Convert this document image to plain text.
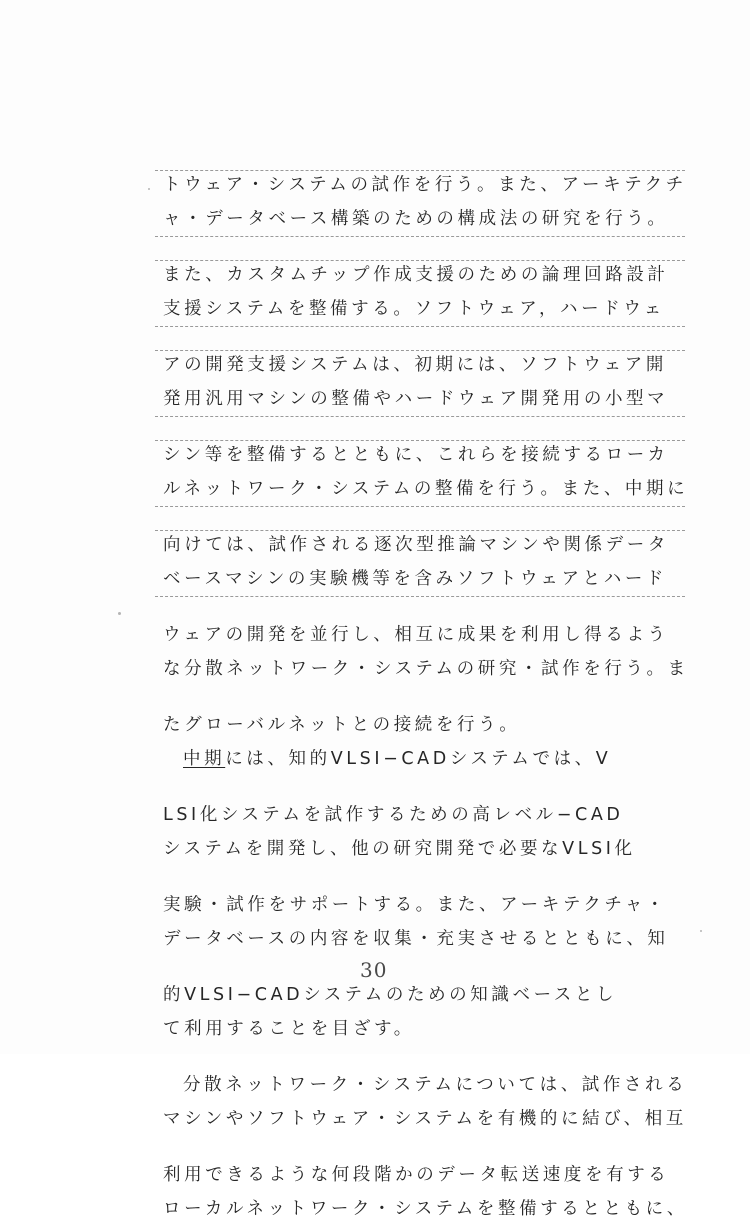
トウェア・システムの試作を行う。また、アーキテクチ
ャ・データベース構築のための構成法の研究を行う。
また、カスタムチップ作成支援のための論理回路設計
支援システムを整備する。ソフトウェア，ハードウェ
アの開発支援システムは、初期には、ソフトウェア開
発用汎用マシンの整備やハードウェア開発用の小型マ
シン等を整備するとともに、これらを接続するローカ
ルネットワーク・システムの整備を行う。また、中期に
向けては、試作される逐次型推論マシンや関係データ
ベースマシンの実験機等を含みソフトウェアとハード
ウェアの開発を並行し、相互に成果を利用し得るよう
な分散ネットワーク・システムの研究・試作を行う。ま
たグローバルネットとの接続を行う。
中期には、知的VLSI−CADシステムでは、V
LSI化システムを試作するための高レベル−CAD
システムを開発し、他の研究開発で必要なVLSI化
実験・試作をサポートする。また、アーキテクチャ・
データベースの内容を収集・充実させるとともに、知
的VLSI−CADシステムのための知識ベースとし
て利用することを目ざす。
分散ネットワーク・システムについては、試作される
マシンやソフトウェア・システムを有機的に結び、相互
利用できるような何段階かのデータ転送速度を有する
ローカルネットワーク・システムを整備するとともに、
30
